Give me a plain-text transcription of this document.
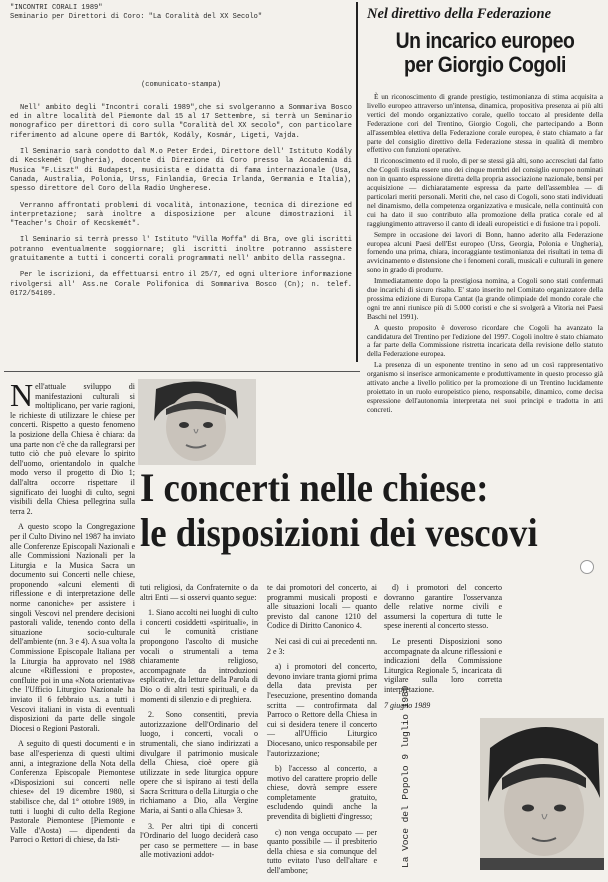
"INCONTRI CORALI 1989"

Seminario per Direttori di Coro: "La Coralità del XX Secolo"

(comunicato-stampa)

Nell' ambito degli "Incontri corali 1989",che si svolgeranno a Sommariva Bosco ed in altre località del Piemonte dal 15 al 17 Settembre, si terrà un Seminario monografico per direttori di coro sulla "Coralità del XX secolo", con particolare riferimento ad alcune opere di Bartók, Kodály, Kosmár, Ligeti, Vajda.

Il Seminario sarà condotto dal M.o Peter Erdei, Direttore dell' Istituto Kodály di Kecskemét (Ungheria), docente di Direzione di Coro presso la Accademia di Musica "F.Liszt" di Budapest, musicista e didatta di fama internazionale (Usa, Canada, Australia, Polonia, Urss, Finlandia, Grecia Irlanda, Germania e Italia), spesso direttore del Coro della Radio Ungherese.

Verranno affrontati problemi di vocalità, intonazione, tecnica di direzione ed interpretazione; sarà inoltre a disposizione per alcune dimostrazioni il "Teacher's Choir of Kecskemét".

Il Seminario si terrà presso l' Istituto "Villa Moffa" di Bra, ove gli iscritti potranno eventualmente soggiornare; gli iscritti inoltre potranno assistere gratuitamente a tutti i concerti corali programmati nell' ambito della rassegna.

Per le iscrizioni, da effettuarsi entro il 25/7, ed ogni ulteriore informazione rivolgersi all' Ass.ne Corale Polifonica di Sommariva Bosco (Cn); n. telef. 0172/54109.

Nel direttivo della Federazione

Un incarico europeo
per Giorgio Cogoli

È un riconoscimento di grande prestigio, testimonianza di stima acquisita a livello europeo attraverso un'intensa, dinamica, propositiva presenza ai più alti vertici del mondo organizzativo corale, quello toccato al presidente della Federazione cori del Trentino, Giorgio Cogoli, che partecipando a Bonn all'assemblea elettiva della Federazione corale europea, è stato chiamato a far parte del consiglio direttivo della Federazione stessa in qualità di membro effettivo con funzioni operative.

Il riconoscimento ed il ruolo, di per se stessi già alti, sono accresciuti dal fatto che Cogoli risulta essere uno dei cinque membri del consiglio europeo nominati non in quanto espressione diretta della propria associazione nazionale, bensì per acquisizione — dichiaratamente espressa da parte dell'assemblea — di particolari meriti personali. Meriti che, nel caso di Cogoli, sono stati individuati nel dinamismo, della competenza organizzativa e musicale, nella continuità con cui ha dato il suo contributo alla promozione della pratica corale ed al raggiungimento attraverso il canto di ideali europeistici e di fusione tra i popoli.

Sempre in occasione dei lavori di Bonn, hanno aderito alla Federazione europea alcuni Paesi dell'Est europeo (Urss, Georgia, Polonia e Ungheria), fornendo una prima, chiara, incoraggiante testimonianza dei risultati in tema di avvicinamento e distensione che i fenomeni corali, musicali e culturali in genere sono in grado di produrre.

Immediatamente dopo la prestigiosa nomina, a Cogoli sono stati confermati due incarichi di sicuro risalto. E' stato inserito nel Comitato organizzatore della prossima edizione di Europa Cantat (la grande olimpiade del mondo corale che ogni tre anni riunisce più di 5.000 coristi e che si svolgerà a Vitoria nei Paesi Baschi nel 1991).

A questo proposito è doveroso ricordare che Cogoli ha avanzato la candidatura del Trentino per l'edizione del 1997. Cogoli inoltre è stato chiamato a far parte della Commissione ristretta incaricata della revisione dello statuto della Federazione europea.

La presenza di un esponente trentino in seno ad un così rappresentativo organismo si inserisce armonicamente e produttivamente in questo processo già attivato anche a livello politico per la promozione di un Trentino lucidamente proiettato in un ruolo europeistico pieno, responsabile, dinamico, come decisa espressione dell'autonomia interpretata nei suoi principi e tradotta in atti concreti.

I concerti nelle chiese:
le disposizioni dei vescovi

Nell'attuale sviluppo di manifestazioni culturali si moltiplicano, per varie ragioni, le richieste di utilizzare le chiese per concerti. Rispetto a questo fenomeno la posizione della Chiesa è chiara: da una parte non c'è che da rallegrarsi per tutto ciò che può elevare lo spirito dell'uomo, orientandolo in qualche modo verso il progetto di Dio 1; dall'altra occorre rispettare il significato dei luoghi di culto, segni visibili della Chiesa pellegrina sulla terra 2.

A questo scopo la Congregazione per il Culto Divino nel 1987 ha inviato alle Conferenze Episcopali Nazionali e alle Commissioni Nazionali per la Liturgia e la Musica Sacra un documento sui Concerti nelle chiese, proponendo «alcuni elementi di riflessione e di interpretazione delle norme canoniche» per assistere i singoli Vescovi nel prendere decisioni pastorali valide, tenendo conto della situazione socio-culturale dell'ambiente (nn. 3 e 4). A sua volta la Commissione Episcopale Italiana per la Liturgia ha approvato nel 1988 alcune «Riflessioni e proposte», confluite poi in una «Nota orientativa» che l'Ufficio Liturgico Nazionale ha inviato il 6 febbraio u.s. a tutti i Vescovi italiani in vista di eventuali disposizioni da parte delle singole Diocesi o Regioni Pastorali.

A seguito di questi documenti e in base all'esperienza di questi ultimi anni, a integrazione della Nota della Conferenza Episcopale Piemontese «Disposizioni sui concerti nelle chiese» del 19 dicembre 1980, si stabilisce che, dal 1° ottobre 1989, in tutti i luoghi di culto della Regione Pastorale Piemontese [Piemonte e Valle d'Aosta) — dipendenti da Parroci o Rettori di chiese, da Isti-

tuti religiosi, da Confraternite o da altri Enti — si osservi quanto segue:

1. Siano accolti nei luoghi di culto i concerti cosiddetti «spirituali», in cui le comunità cristiane propongono l'ascolto di musiche vocali o strumentali a tema chiaramente religioso, accompagnate da introduzioni esplicative, da letture della Parola di Dio o di altri testi spirituali, e da momenti di silenzio e di preghiera.

2. Sono consentiti, previa autorizzazione dell'Ordinario del luogo, i concerti, vocali o strumentali, che siano indirizzati a divulgare il patrimonio musicale della Chiesa, cioè opere già utilizzate in sede liturgica oppure opere che si ispirano ai testi della Sacra Scrittura o della Liturgia o che richiamano a Dio, alla Vergine Maria, ai Santi o alla Chiesa» 3.

3. Per altri tipi di concerti l'Ordinario del luogo deciderà caso per caso se permettere — in base alle motivazioni addot-

te dai promotori del concerto, ai programmi musicali proposti e alle situazioni locali — quanto previsto dal canone 1210 del Codice di Diritto Canonico 4.

Nei casi di cui ai precedenti nn. 2 e 3:

a) i promotori del concerto, devono inviare tranta giorni prima della data prevista per l'esecuzione, presentino domanda scritta — controfirmata dal Parroco o Rettore della Chiesa in cui si desidera tenere il concerto — all'Ufficio Liturgico Diocesano, unico responsabile per l'autorizzazione;

b) l'accesso al concerto, a motivo del carattere proprio delle chiese, dovrà sempre essere completamente gratuito, escludendo quindi anche la prevendita di biglietti d'ingresso;

c) non venga occupato — per quanto possibile — il presbiterio della chiesa e sia comunque del tutto evitato l'uso dell'altare e dell'ambone;

d) i promotori del concerto dovranno garantire l'osservanza delle relative norme civili e assumersi la copertura di tutte le spese inerenti al concerto stesso.

Le presenti Disposizioni sono accompagnate da alcune riflessioni e indicazioni della Commissione Liturgica Regionale 5, incaricata di vigilare sulla loro corretta interpretazione.

7 giugno 1989

La Voce del Popolo 9 luglio 1989
